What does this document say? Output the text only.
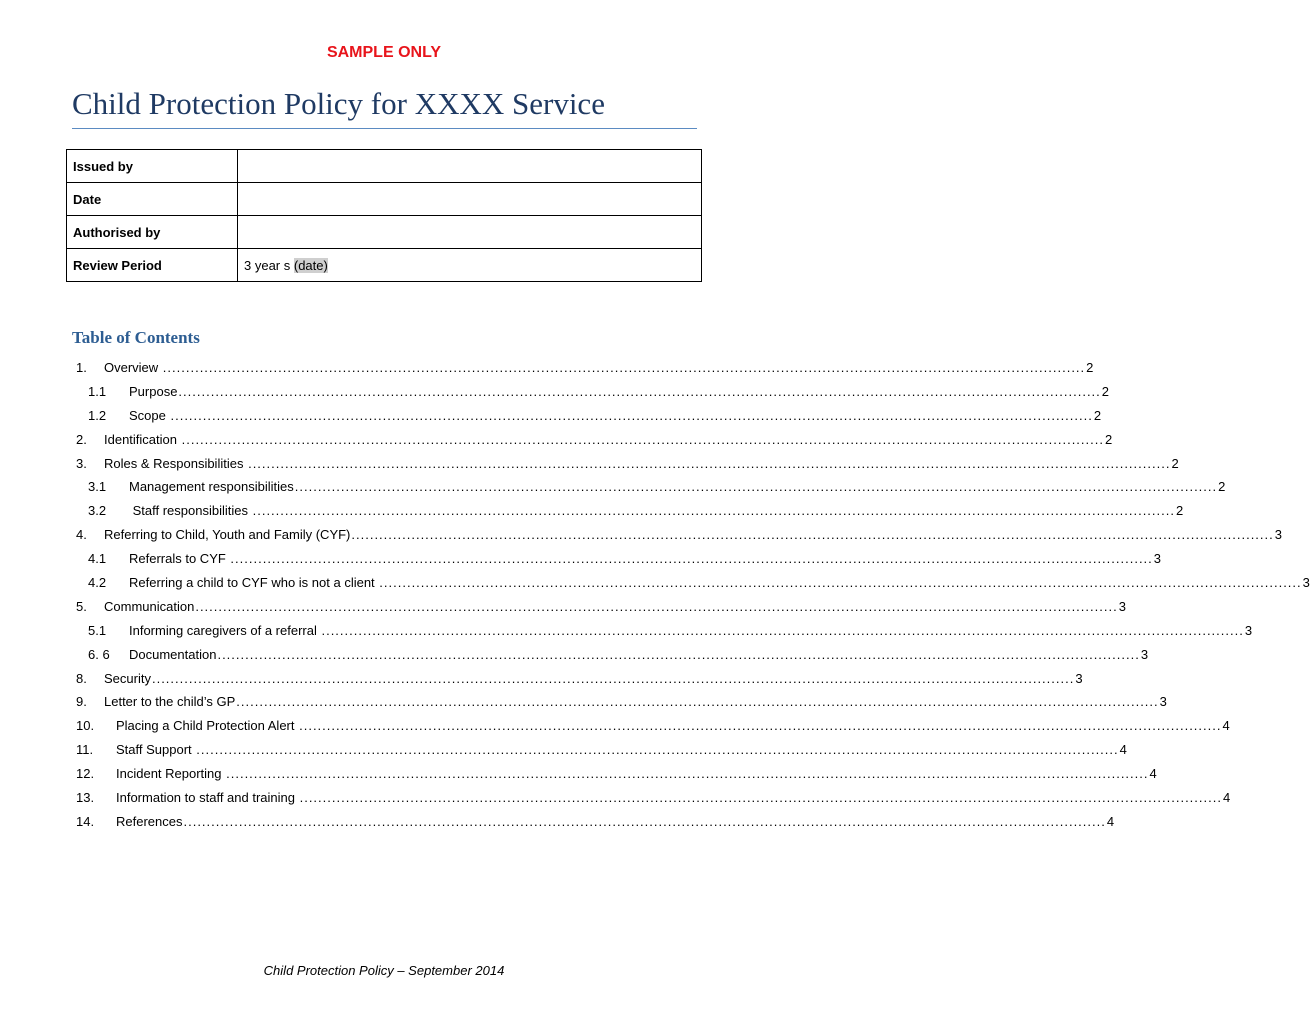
SAMPLE ONLY
Child Protection Policy for XXXX Service
Issued by	
Date	
Authorised by	
Review Period	3 year s (date)
Table of Contents
1. Overview ........................................................................................................................................................................................................ 2
1.1 Purpose ........................................................................................................................................................................................................ 2
1.2 Scope ........................................................................................................................................................................................................ 2
2. Identification ........................................................................................................................................................................................................ 2
3. Roles & Responsibilities ........................................................................................................................................................................................................ 2
3.1 Management responsibilities ........................................................................................................................................................................................................ 2
3.2 Staff responsibilities ........................................................................................................................................................................................................ 2
4. Referring to Child, Youth and Family (CYF) ........................................................................................................................................................................................................ 3
4.1 Referrals to CYF ........................................................................................................................................................................................................ 3
4.2 Referring a child to CYF who is not a client ........................................................................................................................................................................................................ 3
5. Communication ........................................................................................................................................................................................................ 3
5.1 Informing caregivers of a referral ........................................................................................................................................................................................................ 3
6. 6 Documentation ........................................................................................................................................................................................................ 3
8. Security ........................................................................................................................................................................................................ 3
9. Letter to the child’s GP ........................................................................................................................................................................................................ 3
10. Placing a Child Protection Alert ........................................................................................................................................................................................................ 4
11. Staff Support ........................................................................................................................................................................................................ 4
12. Incident Reporting ........................................................................................................................................................................................................ 4
13. Information to staff and training ........................................................................................................................................................................................................ 4
14. References ........................................................................................................................................................................................................ 4
Child Protection Policy – September 2014
